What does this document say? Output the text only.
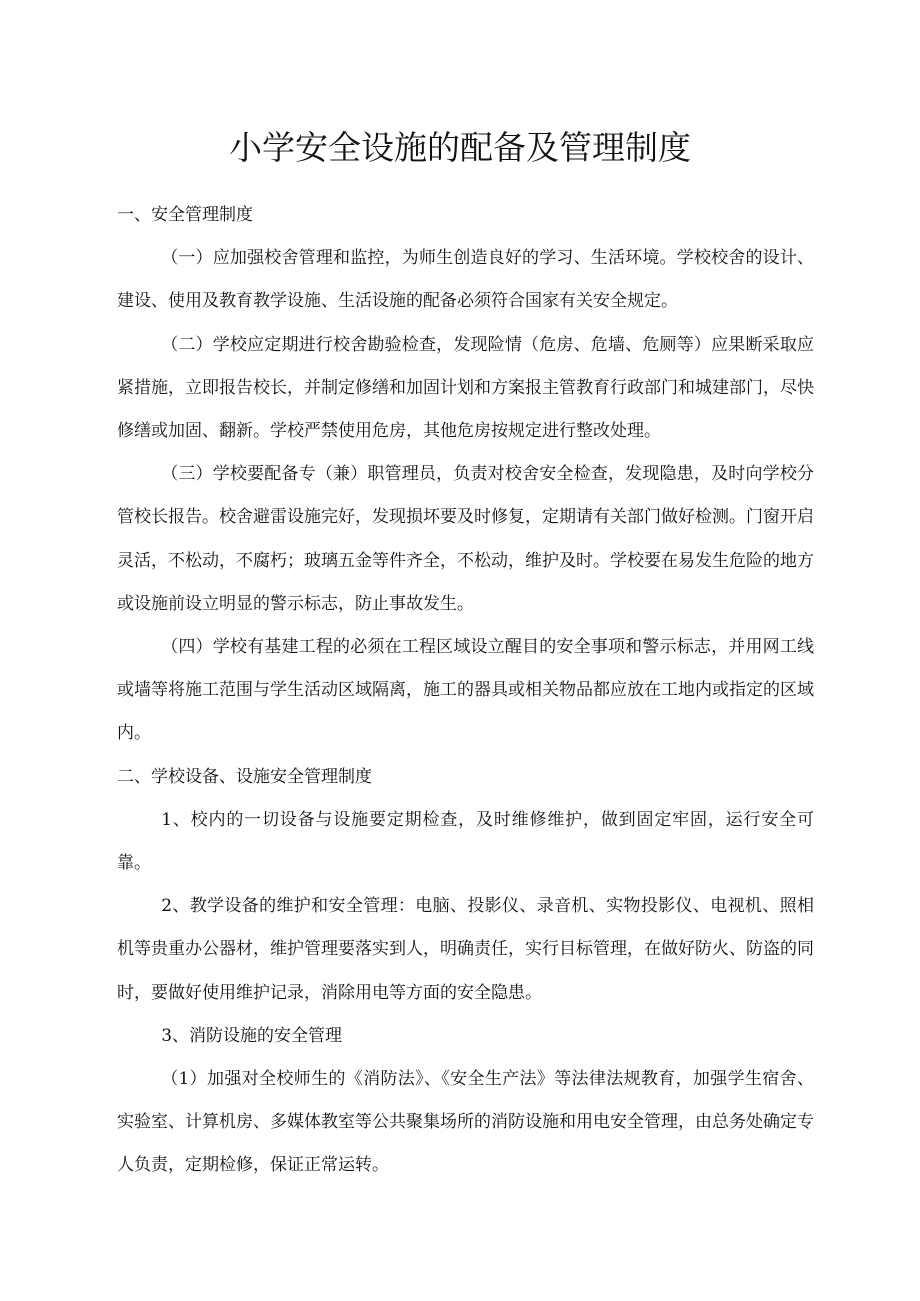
小学安全设施的配备及管理制度

一、安全管理制度

（一）应加强校舍管理和监控，为师生创造良好的学习、生活环境。学校校舍的设计、建设、使用及教育教学设施、生活设施的配备必须符合国家有关安全规定。

（二）学校应定期进行校舍勘验检查，发现险情（危房、危墙、危厕等）应果断采取应紧措施，立即报告校长，并制定修缮和加固计划和方案报主管教育行政部门和城建部门，尽快修缮或加固、翻新。学校严禁使用危房，其他危房按规定进行整改处理。

（三）学校要配备专（兼）职管理员，负责对校舍安全检查，发现隐患，及时向学校分管校长报告。校舍避雷设施完好，发现损坏要及时修复，定期请有关部门做好检测。门窗开启灵活，不松动，不腐朽；玻璃五金等件齐全，不松动，维护及时。学校要在易发生危险的地方或设施前设立明显的警示标志，防止事故发生。

（四）学校有基建工程的必须在工程区域设立醒目的安全事项和警示标志，并用网工线或墙等将施工范围与学生活动区域隔离，施工的器具或相关物品都应放在工地内或指定的区域内。

二、学校设备、设施安全管理制度

1、校内的一切设备与设施要定期检查，及时维修维护，做到固定牢固，运行安全可靠。

2、教学设备的维护和安全管理：电脑、投影仪、录音机、实物投影仪、电视机、照相机等贵重办公器材，维护管理要落实到人，明确责任，实行目标管理，在做好防火、防盗的同时，要做好使用维护记录，消除用电等方面的安全隐患。

3、消防设施的安全管理

（1）加强对全校师生的《消防法》、《安全生产法》等法律法规教育，加强学生宿舍、实验室、计算机房、多媒体教室等公共聚集场所的消防设施和用电安全管理，由总务处确定专人负责，定期检修，保证正常运转。
